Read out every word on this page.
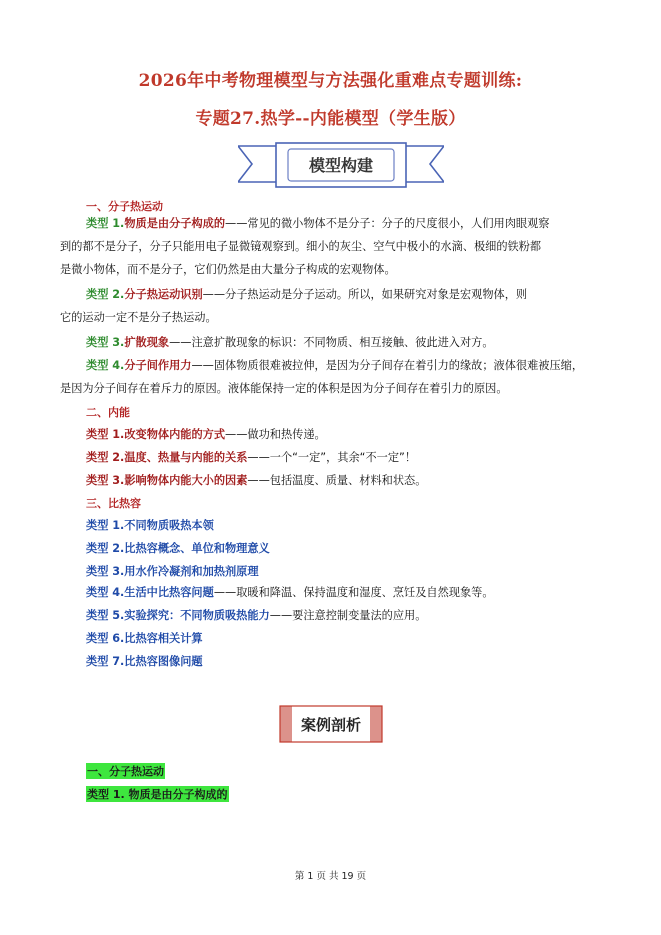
2026年中考物理模型与方法强化重难点专题训练:
专题27.热学--内能模型（学生版）
模型构建
一、分子热运动
类型 1.物质是由分子构成的——常见的微小物体不是分子：分子的尺度很小，人们用肉眼观察
到的都不是分子，分子只能用电子显微镜观察到。细小的灰尘、空气中极小的水滴、极细的铁粉都
是微小物体，而不是分子，它们仍然是由大量分子构成的宏观物体。
类型 2.分子热运动识别——分子热运动是分子运动。所以，如果研究对象是宏观物体，则
它的运动一定不是分子热运动。
类型 3.扩散现象——注意扩散现象的标识：不同物质、相互接触、彼此进入对方。
类型 4.分子间作用力——固体物质很难被拉伸，是因为分子间存在着引力的缘故；液体很难被压缩，
是因为分子间存在着斥力的原因。液体能保持一定的体积是因为分子间存在着引力的原因。
二、内能
类型 1.改变物体内能的方式——做功和热传递。
类型 2.温度、热量与内能的关系——一个“一定”，其余“不一定”！
类型 3.影响物体内能大小的因素——包括温度、质量、材料和状态。
三、比热容
类型 1.不同物质吸热本领
类型 2.比热容概念、单位和物理意义
类型 3.用水作冷凝剂和加热剂原理
类型 4.生活中比热容问题——取暖和降温、保持温度和湿度、烹饪及自然现象等。
类型 5.实验探究：不同物质吸热能力——要注意控制变量法的应用。
类型 6.比热容相关计算
类型 7.比热容图像问题
案例剖析
一、分子热运动
类型 1. 物质是由分子构成的
第 1 页 共 19 页
